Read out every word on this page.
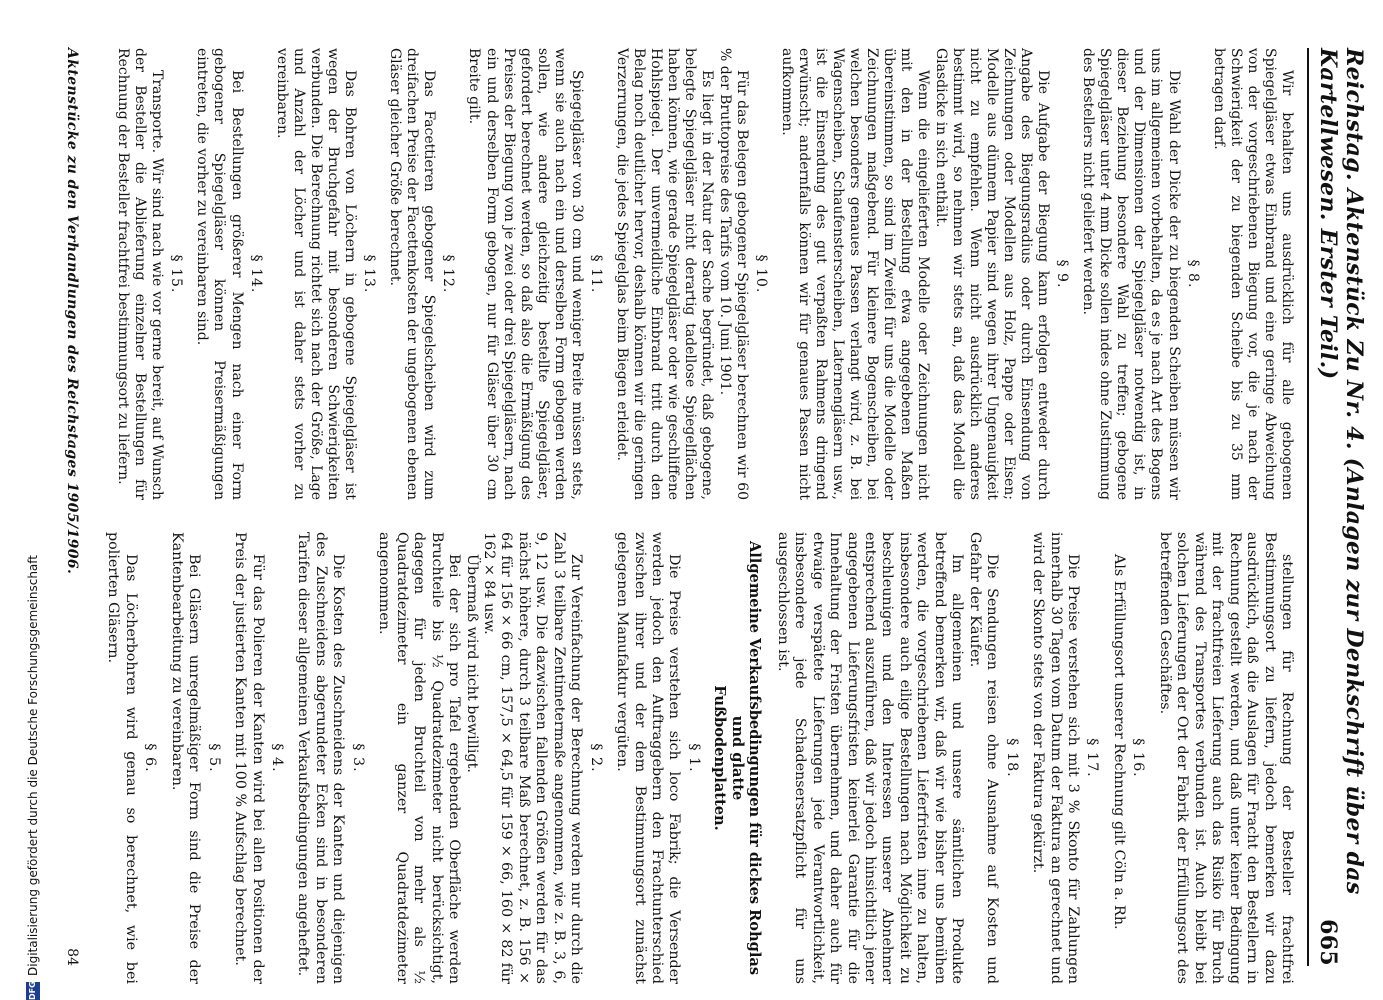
Reichstag. Aktenstück Zu Nr. 4. (Anlagen zur Denkschrift über das Kartellwesen. Erster Teil.)
665

Wir behalten uns ausdrücklich für alle gebogenen Spiegelgläser etwas Einbrand und eine geringe Abweichung von der vorgeschriebenen Biegung vor, die je nach der Schwierigkeit der zu biegenden Scheibe bis zu 35 mm betragen darf.

§ 8.

Die Wahl der Dicke der zu biegenden Scheiben müssen wir uns im allgemeinen vorbehalten, da es je nach Art des Bogens und der Dimensionen der Spiegelgläser notwendig ist, in dieser Beziehung besondere Wahl zu treffen; gebogene Spiegelgläser unter 4 mm Dicke sollen indes ohne Zustimmung des Bestellers nicht geliefert werden.

§ 9.

Die Aufgabe der Biegung kann erfolgen entweder durch Angabe des Biegungsradius oder durch Einsendung von Zeichnungen oder Modellen aus Holz, Pappe oder Eisen; Modelle aus dünnem Papier sind wegen ihrer Ungenauigkeit nicht zu empfehlen. Wenn nicht ausdrücklich anderes bestimmt wird, so nehmen wir stets an, daß das Modell die Glasdicke in sich enthält.

Wenn die eingelieferten Modelle oder Zeichnungen nicht mit den in der Bestellung etwa angegebenen Maßen übereinstimmen, so sind im Zweifel für uns die Modelle oder Zeichnungen maßgebend. Für kleinere Bogenscheiben, bei welchen besonders genaues Passen verlangt wird, z. B. bei Wagenscheiben, Schaufensterscheiben, Laternengläsern usw., ist die Einsendung des gut verpaßten Rahmens dringend erwünscht; andernfalls können wir für genaues Passen nicht aufkommen.

§ 10.

Für das Belegen gebogener Spiegelgläser berechnen wir 60 % der Bruttopreise des Tarifs vom 10. Juni 1901.

Es liegt in der Natur der Sache begründet, daß gebogene, belegte Spiegelgläser nicht derartig tadellose Spiegelflächen haben können, wie gerade Spiegelgläser oder wie geschliffene Hohlspiegel. Der unvermeidliche Einbrand tritt durch den Belag noch deutlicher hervor, deshalb können wir die geringen Verzerrungen, die jedes Spiegelglas beim Biegen erleidet.

§ 11.

Spiegelgläser von 30 cm und weniger Breite müssen stets, wenn sie auch nach ein und derselben Form gebogen werden sollen, wie andere gleichzeitig bestellte Spiegelgläser, gefordert berechnet werden, so daß also die Ermäßigung des Preises der Biegung von je zwei oder drei Spiegelgläsern, nach ein und derselben Form gebogen, nur für Gläser über 30 cm Breite gilt.

§ 12.

Das Facettieren gebogener Spiegelscheiben wird zum dreifachen Preise der Facettenkosten der ungebogenen ebenen Gläser gleicher Größe berechnet.

§ 13.

Das Bohren von Löchern in gebogene Spiegelgläser ist wegen der Bruchgefahr mit besonderen Schwierigkeiten verbunden. Die Berechnung richtet sich nach der Größe, Lage und Anzahl der Löcher und ist daher stets vorher zu vereinbaren.

§ 14.

Bei Bestellungen größerer Mengen nach einer Form gebogener Spiegelgläser können Preisermäßigungen eintreten, die vorher zu vereinbaren sind.

§ 15.

Transporte. Wir sind nach wie vor gerne bereit, auf Wunsch der Besteller die Ablieferung einzelner Bestellungen für Rechnung der Besteller frachtfrei bestimmungsort zu liefern.

stellungen für Rechnung der Besteller frachtfrei Bestimmungsort zu liefern, jedoch bemerken wir dazu ausdrücklich, daß die Auslagen für Fracht den Bestellern in Rechnung gestellt werden, und daß unter keiner Bedingung mit der frachtfreien Lieferung auch das Risiko für Bruch während des Transportes verbunden ist. Auch bleibt bei solchen Lieferungen der Ort der Fabrik der Erfüllungsort des betreffenden Geschäftes.

§ 16.

Als Erfüllungsort unserer Rechnung gilt Cöln a. Rh.

§ 17.

Die Preise verstehen sich mit 3 % Skonto für Zahlungen innerhalb 30 Tagen vom Datum der Faktura an gerechnet und wird der Skonto stets von der Faktura gekürzt.

§ 18.

Die Sendungen reisen ohne Ausnahme auf Kosten und Gefahr der Käufer.

Im allgemeinen und unsere sämtlichen Produkte betreffend bemerken wir, daß wir wie bisher uns bemühen werden, die vorgeschriebenen Lieferfristen inne zu halten, insbesondere auch eilige Bestellungen nach Möglichkeit zu beschleunigen und den Interessen unserer Abnehmer entsprechend auszuführen, daß wir jedoch hinsichtlich jener angegebenen Lieferungsfristen keinerlei Garantie für die Innehaltung der Fristen übernehmen, und daher auch für etwaige verspätete Lieferungen jede Verantwortlichkeit, insbesondere jede Schadensersatzpflicht für uns ausgeschlossen ist.

Allgemeine Verkaufsbedingungen für dickes Rohglas und glatte
Fußbodenplatten.
§ 1.

Die Preise verstehen sich loco Fabrik; die Versender werden jedoch den Auftraggebern den Frachtunterschied zwischen ihrer und der dem Bestimmungsort zunächst gelegenen Manufaktur vergüten.

§ 2.

Zur Vereinfachung der Berechnung werden nur durch die Zahl 3 teilbare Zentimetermaße angenommen, wie z. B. 3, 6, 9, 12 usw. Die dazwischen fallenden Größen werden für das nächst höhere, durch 3 teilbare Maß berechnet, z. B. 156 × 64 für 156 × 66 cm, 157,5 × 64,5 für 159 × 66, 160 × 82 für 162 × 84 usw.

Übermaß wird nicht bewilligt.

Bei der sich pro Tafel ergebenden Oberfläche werden Bruchteile bis ½ Quadratdezimeter nicht berücksichtigt, dagegen für jeden Bruchteil von mehr als ½ Quadratdezimeter ein ganzer Quadratdezimeter angenommen.

§ 3.

Die Kosten des Zuschneidens der Kanten und diejenigen des Zuschneidens abgerundeter Ecken sind in besonderen Tarifen dieser allgemeinen Verkaufsbedingungen angeheftet.

§ 4.

Für das Polieren der Kanten wird bei allen Positionen der Preis der justierten Kanten mit 100 % Aufschlag berechnet.

§ 5.

Bei Gläsern unregelmäßiger Form sind die Preise der Kantenbearbeitung zu vereinbaren.

§ 6.

Das Löcherbohren wird genau so berechnet, wie bei polierten Gläsern.

Aktenstücke zu den Verhandlungen des Reichstages 1905/1906.
84
DFG
Digitalisierung gefördert durch die Deutsche Forschungsgemeinschaft
